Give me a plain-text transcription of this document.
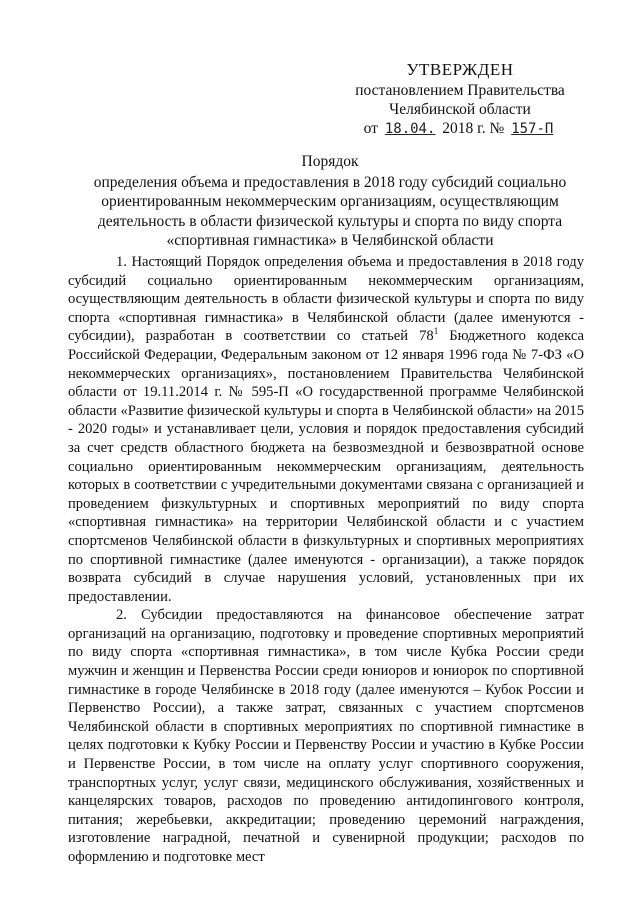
УТВЕРЖДЕН
постановлением Правительства
Челябинской области
от 18.04. 2018 г. № 157-П
Порядок
определения объема и предоставления в 2018 году субсидий социально
ориентированным некоммерческим организациям, осуществляющим
деятельность в области физической культуры и спорта по виду спорта
«спортивная гимнастика» в Челябинской области

1. Настоящий Порядок определения объема и предоставления в 2018 году субсидий социально ориентированным некоммерческим организациям, осуществляющим деятельность в области физической культуры и спорта по виду спорта «спортивная гимнастика» в Челябинской области (далее именуются - субсидии), разработан в соответствии со статьей $78^1$ Бюджетного кодекса Российской Федерации, Федеральным законом от 12 января 1996 года № 7-ФЗ «О некоммерческих организациях», постановлением Правительства Челябинской области от 19.11.2014 г. № 595-П «О государственной программе Челябинской области «Развитие физической культуры и спорта в Челябинской области» на 2015 - 2020 годы» и устанавливает цели, условия и порядок предоставления субсидий за счет средств областного бюджета на безвозмездной и безвозвратной основе социально ориентированным некоммерческим организациям, деятельность которых в соответствии с учредительными документами связана с организацией и проведением физкультурных и спортивных мероприятий по виду спорта «спортивная гимнастика» на территории Челябинской области и с участием спортсменов Челябинской области в физкультурных и спортивных мероприятиях по спортивной гимнастике (далее именуются - организации), а также порядок возврата субсидий в случае нарушения условий, установленных при их предоставлении.

2. Субсидии предоставляются на финансовое обеспечение затрат организаций на организацию, подготовку и проведение спортивных мероприятий по виду спорта «спортивная гимнастика», в том числе Кубка России среди мужчин и женщин и Первенства России среди юниоров и юниорок по спортивной гимнастике в городе Челябинске в 2018 году (далее именуются – Кубок России и Первенство России), а также затрат, связанных с участием спортсменов Челябинской области в спортивных мероприятиях по спортивной гимнастике в целях подготовки к Кубку России и Первенству России и участию в Кубке России и Первенстве России, в том числе на оплату услуг спортивного сооружения, транспортных услуг, услуг связи, медицинского обслуживания, хозяйственных и канцелярских товаров, расходов по проведению антидопингового контроля, питания; жеребьевки, аккредитации; проведению церемоний награждения, изготовление наградной, печатной и сувенирной продукции; расходов по оформлению и подготовке мест
